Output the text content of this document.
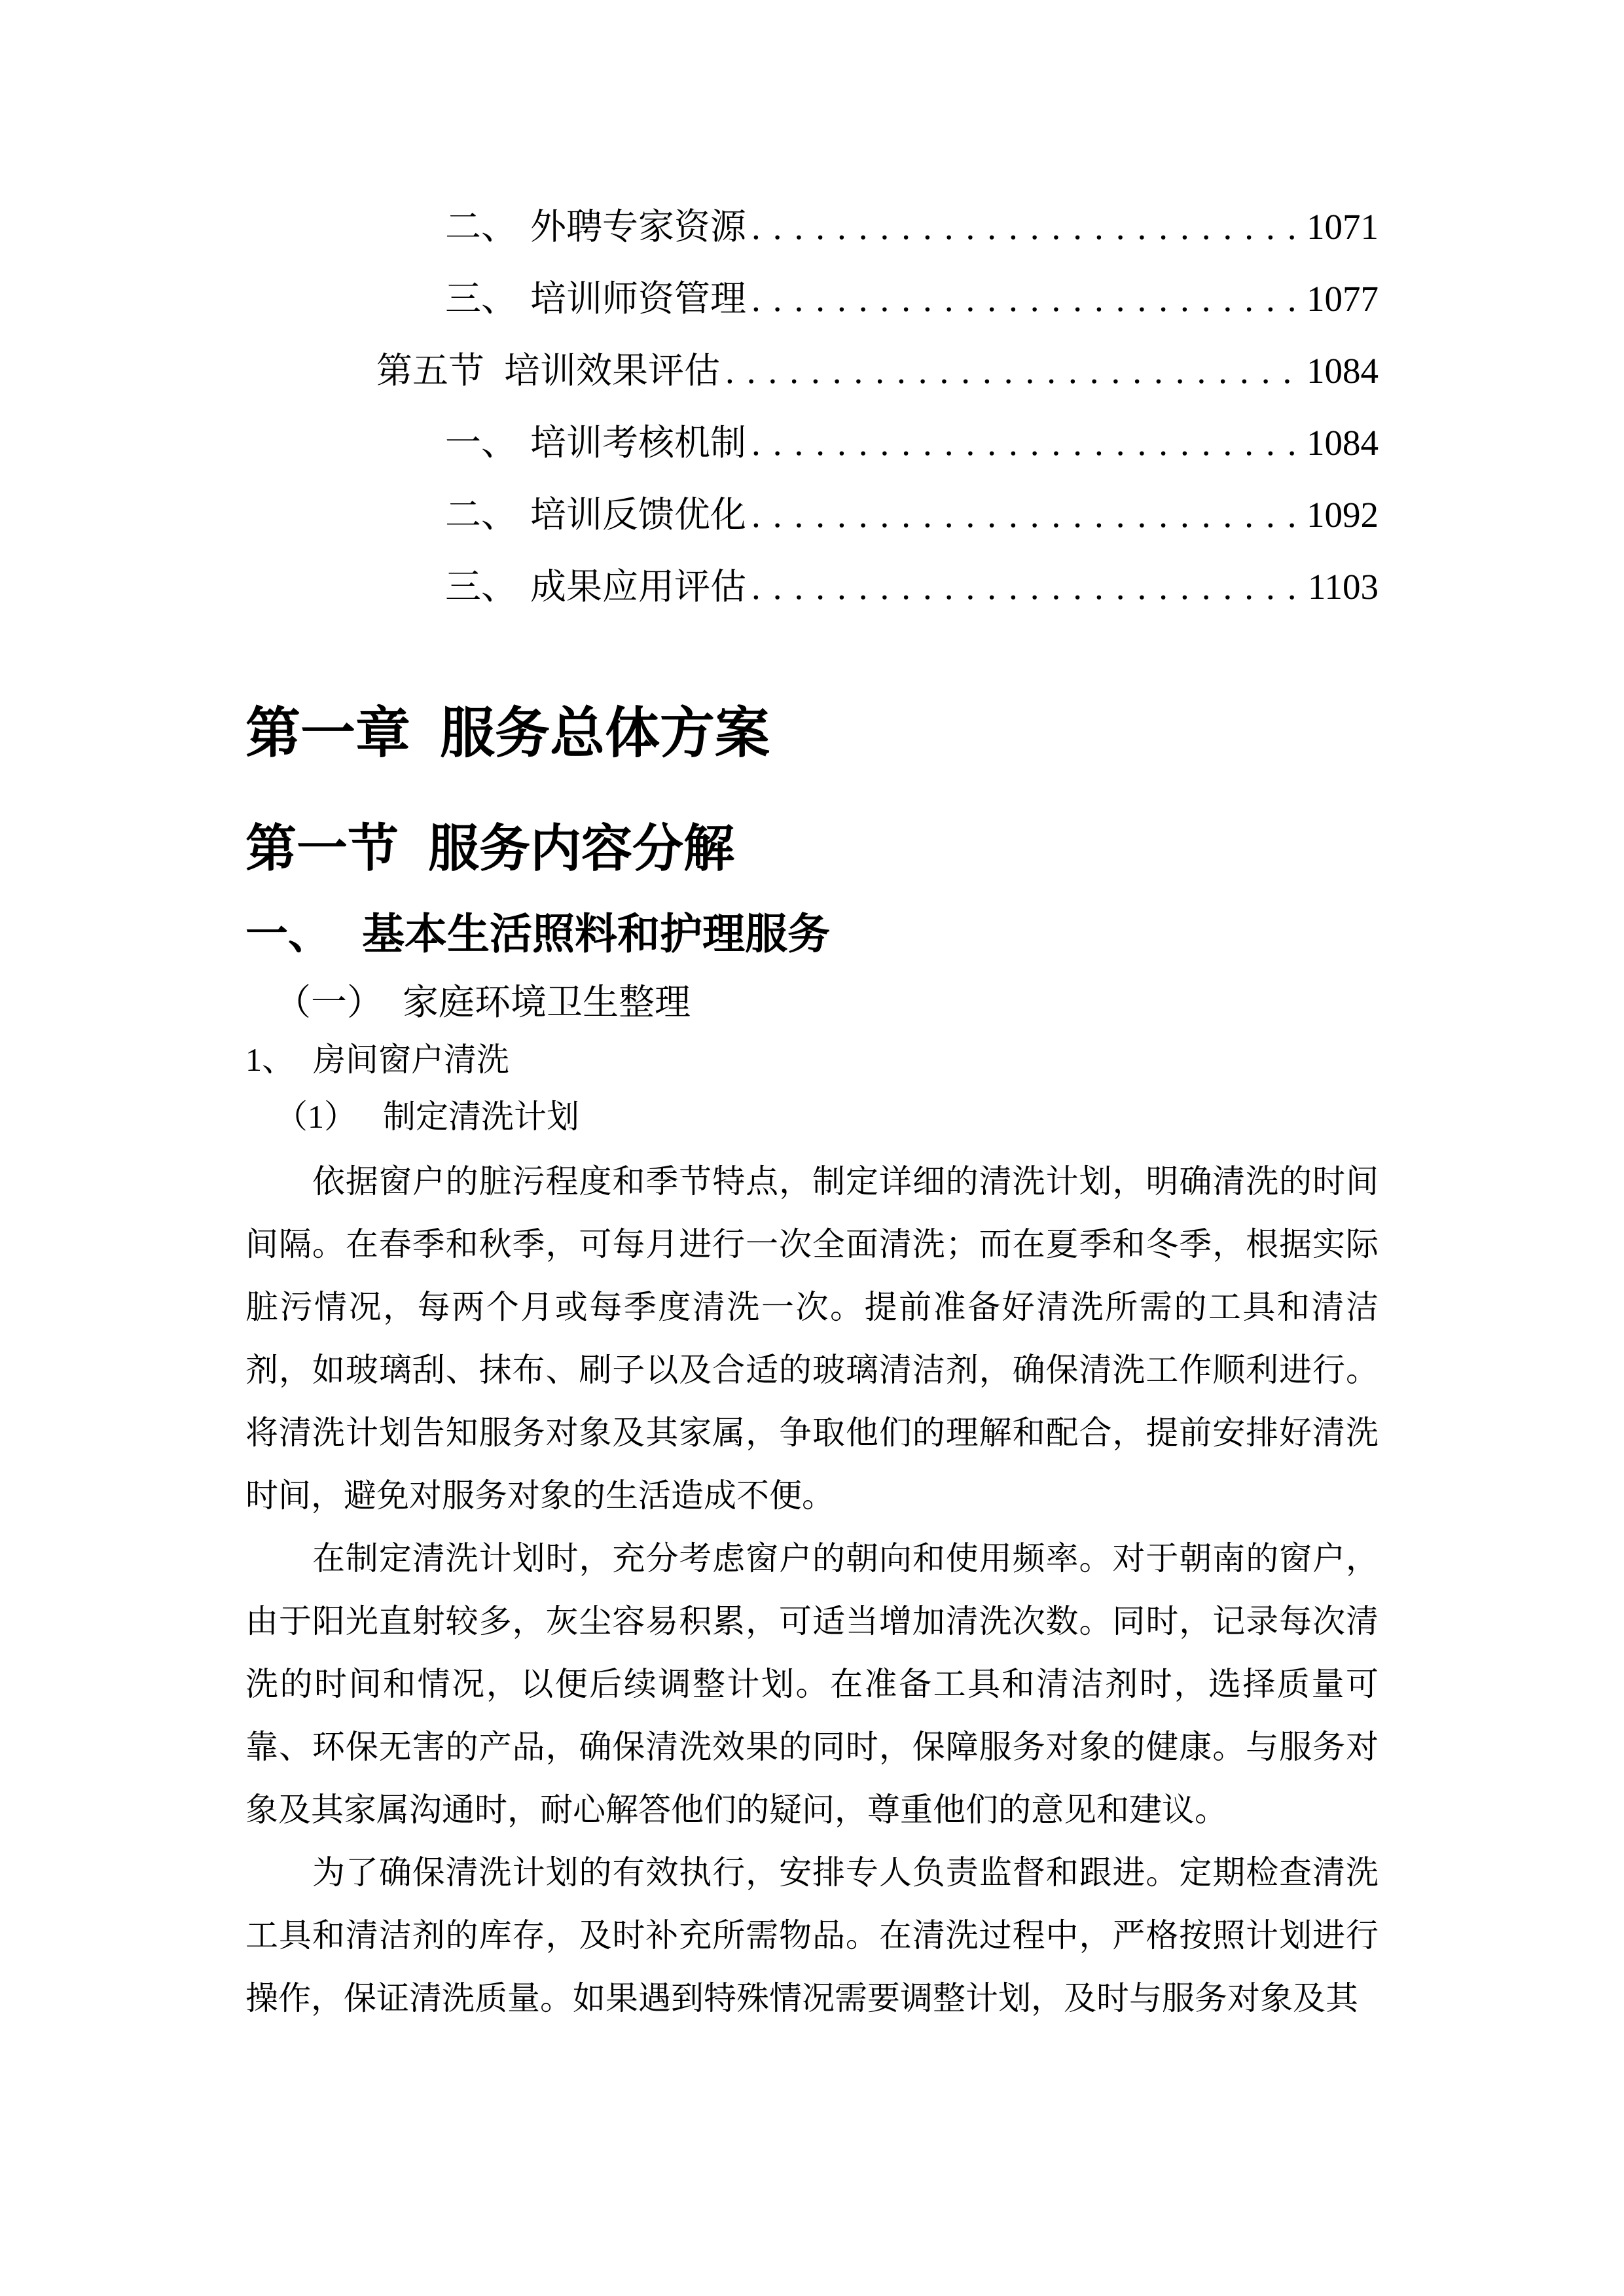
二、 外聘专家资源 .....	1071
三、 培训师资管理 .....	1077
第五节 培训效果评估 .....	1084
一、 培训考核机制 .....	1084
二、 培训反馈优化 .....	1092
三、 成果应用评估 .....	1103
第一章 服务总体方案
第一节 服务内容分解
一、 基本生活照料和护理服务
（一） 家庭环境卫生整理
1、 房间窗户清洗
（1） 制定清洗计划

依据窗户的脏污程度和季节特点，制定详细的清洗计划，明确清洗的时间间隔。在春季和秋季，可每月进行一次全面清洗；而在夏季和冬季，根据实际脏污情况，每两个月或每季度清洗一次。提前准备好清洗所需的工具和清洁剂，如玻璃刮、抹布、刷子以及合适的玻璃清洁剂，确保清洗工作顺利进行。将清洗计划告知服务对象及其家属，争取他们的理解和配合，提前安排好清洗时间，避免对服务对象的生活造成不便。

在制定清洗计划时，充分考虑窗户的朝向和使用频率。对于朝南的窗户，由于阳光直射较多，灰尘容易积累，可适当增加清洗次数。同时，记录每次清洗的时间和情况，以便后续调整计划。在准备工具和清洁剂时，选择质量可靠、环保无害的产品，确保清洗效果的同时，保障服务对象的健康。与服务对象及其家属沟通时，耐心解答他们的疑问，尊重他们的意见和建议。

为了确保清洗计划的有效执行，安排专人负责监督和跟进。定期检查清洗工具和清洁剂的库存，及时补充所需物品。在清洗过程中，严格按照计划进行操作，保证清洗质量。如果遇到特殊情况需要调整计划，及时与服务对象及其
